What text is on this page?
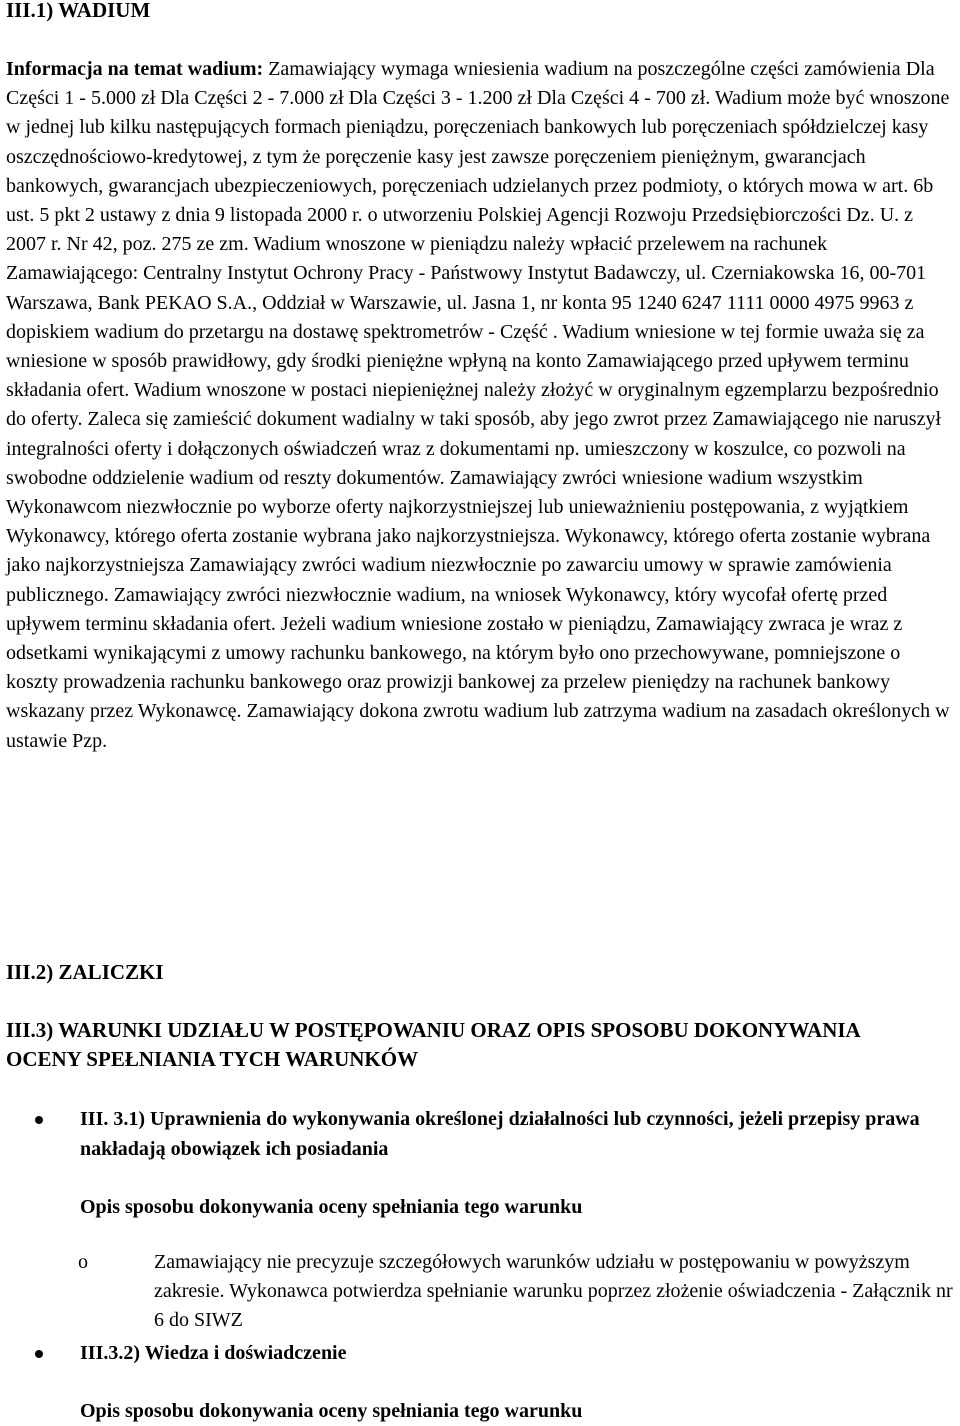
III.1) WADIUM

Informacja na temat wadium: Zamawiający wymaga wniesienia wadium na poszczególne części zamówienia Dla Części 1 - 5.000 zł Dla Części 2 - 7.000 zł Dla Części 3 - 1.200 zł Dla Części 4 - 700 zł. Wadium może być wnoszone w jednej lub kilku następujących formach pieniądzu, poręczeniach bankowych lub poręczeniach spółdzielczej kasy oszczędnościowo-kredytowej, z tym że poręczenie kasy jest zawsze poręczeniem pieniężnym, gwarancjach bankowych, gwarancjach ubezpieczeniowych, poręczeniach udzielanych przez podmioty, o których mowa w art. 6b ust. 5 pkt 2 ustawy z dnia 9 listopada 2000 r. o utworzeniu Polskiej Agencji Rozwoju Przedsiębiorczości Dz. U. z 2007 r. Nr 42, poz. 275 ze zm. Wadium wnoszone w pieniądzu należy wpłacić przelewem na rachunek Zamawiającego: Centralny Instytut Ochrony Pracy - Państwowy Instytut Badawczy, ul. Czerniakowska 16, 00-701 Warszawa, Bank PEKAO S.A., Oddział w Warszawie, ul. Jasna 1, nr konta 95 1240 6247 1111 0000 4975 9963 z dopiskiem wadium do przetargu na dostawę spektrometrów - Część . Wadium wniesione w tej formie uważa się za wniesione w sposób prawidłowy, gdy środki pieniężne wpłyną na konto Zamawiającego przed upływem terminu składania ofert. Wadium wnoszone w postaci niepieniężnej należy złożyć w oryginalnym egzemplarzu bezpośrednio do oferty. Zaleca się zamieścić dokument wadialny w taki sposób, aby jego zwrot przez Zamawiającego nie naruszył integralności oferty i dołączonych oświadczeń wraz z dokumentami np. umieszczony w koszulce, co pozwoli na swobodne oddzielenie wadium od reszty dokumentów. Zamawiający zwróci wniesione wadium wszystkim Wykonawcom niezwłocznie po wyborze oferty najkorzystniejszej lub unieważnieniu postępowania, z wyjątkiem Wykonawcy, którego oferta zostanie wybrana jako najkorzystniejsza. Wykonawcy, którego oferta zostanie wybrana jako najkorzystniejsza Zamawiający zwróci wadium niezwłocznie po zawarciu umowy w sprawie zamówienia publicznego. Zamawiający zwróci niezwłocznie wadium, na wniosek Wykonawcy, który wycofał ofertę przed upływem terminu składania ofert. Jeżeli wadium wniesione zostało w pieniądzu, Zamawiający zwraca je wraz z odsetkami wynikającymi z umowy rachunku bankowego, na którym było ono przechowywane, pomniejszone o koszty prowadzenia rachunku bankowego oraz prowizji bankowej za przelew pieniędzy na rachunek bankowy wskazany przez Wykonawcę. Zamawiający dokona zwrotu wadium lub zatrzyma wadium na zasadach określonych w ustawie Pzp.

III.2) ZALICZKI
III.3) WARUNKI UDZIAŁU W POSTĘPOWANIU ORAZ OPIS SPOSOBU DOKONYWANIA OCENY SPEŁNIANIA TYCH WARUNKÓW
III. 3.1) Uprawnienia do wykonywania określonej działalności lub czynności, jeżeli przepisy prawa nakładają obowiązek ich posiadania
Opis sposobu dokonywania oceny spełniania tego warunku
o	Zamawiający nie precyzuje szczegółowych warunków udziału w postępowaniu w powyższym zakresie. Wykonawca potwierdza spełnianie warunku poprzez złożenie oświadczenia - Załącznik nr 6 do SIWZ
III.3.2) Wiedza i doświadczenie
Opis sposobu dokonywania oceny spełniania tego warunku
